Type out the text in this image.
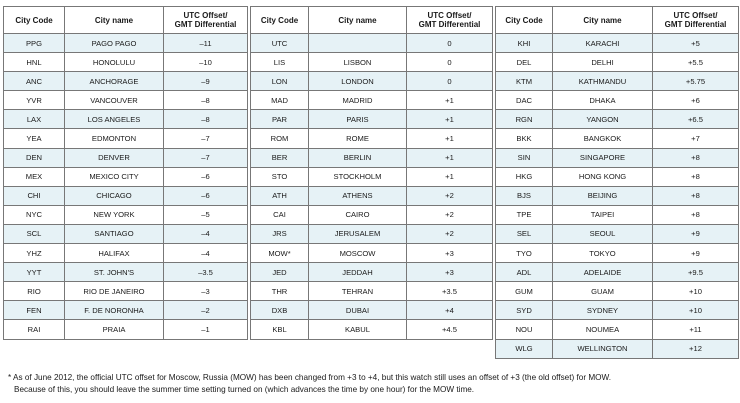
City Code	City name	UTC Offset/
GMT Differential
PPG	PAGO PAGO	–11
HNL	HONOLULU	–10
ANC	ANCHORAGE	–9
YVR	VANCOUVER	–8
LAX	LOS ANGELES	–8
YEA	EDMONTON	–7
DEN	DENVER	–7
MEX	MEXICO CITY	–6
CHI	CHICAGO	–6
NYC	NEW YORK	–5
SCL	SANTIAGO	–4
YHZ	HALIFAX	–4
YYT	ST. JOHN'S	–3.5
RIO	RIO DE JANEIRO	–3
FEN	F. DE NORONHA	–2
RAI	PRAIA	–1
City Code	City name	UTC Offset/
GMT Differential
UTC		0
LIS	LISBON	0
LON	LONDON	0
MAD	MADRID	+1
PAR	PARIS	+1
ROM	ROME	+1
BER	BERLIN	+1
STO	STOCKHOLM	+1
ATH	ATHENS	+2
CAI	CAIRO	+2
JRS	JERUSALEM	+2
MOW*	MOSCOW	+3
JED	JEDDAH	+3
THR	TEHRAN	+3.5
DXB	DUBAI	+4
KBL	KABUL	+4.5
City Code	City name	UTC Offset/
GMT Differential
KHI	KARACHI	+5
DEL	DELHI	+5.5
KTM	KATHMANDU	+5.75
DAC	DHAKA	+6
RGN	YANGON	+6.5
BKK	BANGKOK	+7
SIN	SINGAPORE	+8
HKG	HONG KONG	+8
BJS	BEIJING	+8
TPE	TAIPEI	+8
SEL	SEOUL	+9
TYO	TOKYO	+9
ADL	ADELAIDE	+9.5
GUM	GUAM	+10
SYD	SYDNEY	+10
NOU	NOUMEA	+11
WLG	WELLINGTON	+12

* As of June 2012, the official UTC offset for Moscow, Russia (MOW) has been changed from +3 to +4, but this watch still uses an offset of +3 (the old offset) for MOW.

Because of this, you should leave the summer time setting turned on (which advances the time by one hour) for the MOW time.
